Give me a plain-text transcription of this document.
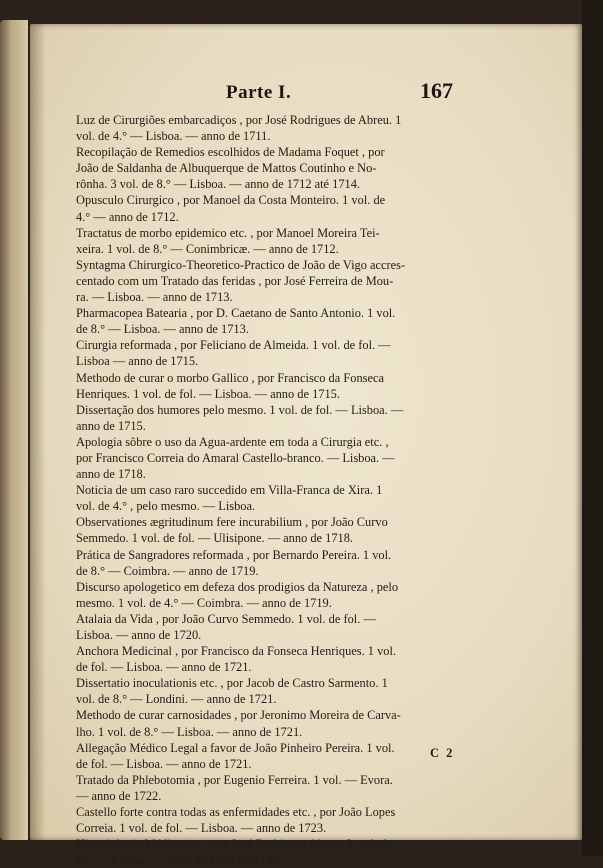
Parte I.	167
Luz de Cirurgiões embarcadiços , por José Rodrigues de Abreu. 1
vol. de 4.° — Lisboa. — anno de 1711.
Recopilação de Remedios escolhidos de Madama Foquet , por
João de Saldanha de Albuquerque de Mattos Coutinho e No-
rônha. 3 vol. de 8.° — Lisboa. — anno de 1712 até 1714.
Opusculo Cirurgico , por Manoel da Costa Monteiro. 1 vol. de
4.° — anno de 1712.
Tractatus de morbo epidemico etc. , por Manoel Moreira Tei-
xeira. 1 vol. de 8.° — Conimbricæ. — anno de 1712.
Syntagma Chirurgico-Theoretico-Practico de João de Vigo accres-
centado com um Tratado das feridas , por José Ferreira de Mou-
ra. — Lisboa. — anno de 1713.
Pharmacopea Batearia , por D. Caetano de Santo Antonio. 1 vol.
de 8.° — Lisboa. — anno de 1713.
Cirurgia reformada , por Feliciano de Almeida. 1 vol. de fol. —
Lisboa — anno de 1715.
Methodo de curar o morbo Gallico , por Francisco da Fonseca
Henriques. 1 vol. de fol. — Lisboa. — anno de 1715.
Dissertação dos humores pelo mesmo. 1 vol. de fol. — Lisboa. —
anno de 1715.
Apologia sôbre o uso da Agua-ardente em toda a Cirurgia etc. ,
por Francisco Correia do Amaral Castello-branco. — Lisboa. —
anno de 1718.
Noticia de um caso raro succedido em Villa-Franca de Xira. 1
vol. de 4.° , pelo mesmo. — Lisboa.
Observationes ægritudinum fere incurabilium , por João Curvo
Semmedo. 1 vol. de fol. — Ulisipone. — anno de 1718.
Prática de Sangradores reformada , por Bernardo Pereira. 1 vol.
de 8.° — Coimbra. — anno de 1719.
Discurso apologetico em defeza dos prodigios da Natureza , pelo
mesmo. 1 vol. de 4.° — Coimbra. — anno de 1719.
Atalaia da Vida , por João Curvo Semmedo. 1 vol. de fol. —
Lisboa. — anno de 1720.
Anchora Medicinal , por Francisco da Fonseca Henriques. 1 vol.
de fol. — Lisboa. — anno de 1721.
Dissertatio inoculationis etc. , por Jacob de Castro Sarmento. 1
vol. de 8.° — Londini. — anno de 1721.
Methodo de curar carnosidades , por Jeronimo Moreira de Carva-
lho. 1 vol. de 8.° — Lisboa. — anno de 1721.
Allegação Médico Legal a favor de João Pinheiro Pereira. 1 vol.
de fol. — Lisboa. — anno de 1721.
Tratado da Phlebotomia , por Eugenio Ferreira. 1 vol. — Evora.
— anno de 1722.
Castello forte contra todas as enfermidades etc. , por João Lopes
Correia. 1 vol. de fol. — Lisboa. — anno de 1723.
Historiologia Médica etc. , por José Rodrigues Abreu. 3. vol. de
fol. — Lisboa. — anno de 1723 até 1745.
C 2
